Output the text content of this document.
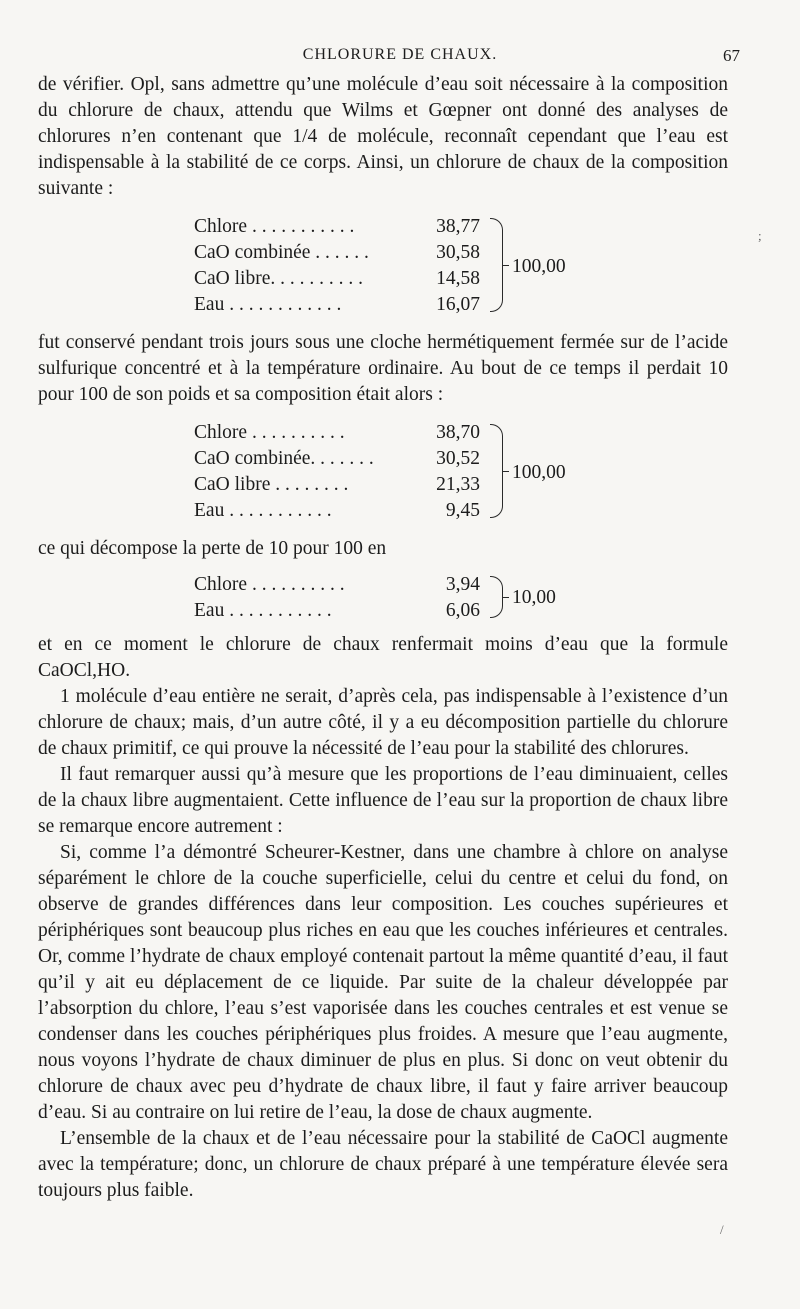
CHLORURE DE CHAUX.	67

de vérifier. Opl, sans admettre qu’une molécule d’eau soit nécessaire à la composition du chlorure de chaux, attendu que Wilms et Gœpner ont donné des analyses de chlorures n’en contenant que 1/4 de molécule, reconnaît cependant que l’eau est indispensable à la stabilité de ce corps. Ainsi, un chlorure de chaux de la composition suivante :

Chlore . . . . . . . . . . .	38,77
CaO combinée . . . . . .	30,58
CaO libre. . . . . . . . . .	14,58
Eau . . . . . . . . . . . .	16,07
100,00

fut conservé pendant trois jours sous une cloche hermétiquement fermée sur de l’acide sulfurique concentré et à la température ordinaire. Au bout de ce temps il perdait 10 pour 100 de son poids et sa composition était alors :

Chlore . . . . . . . . . .	38,70
CaO combinée. . . . . . .	30,52
CaO libre . . . . . . . .	21,33
Eau . . . . . . . . . . .	9,45
100,00

ce qui décompose la perte de 10 pour 100 en

Chlore . . . . . . . . . .	3,94
Eau . . . . . . . . . . .	6,06
10,00

et en ce moment le chlorure de chaux renfermait moins d’eau que la formule CaOCl,HO.

1 molécule d’eau entière ne serait, d’après cela, pas indispensable à l’existence d’un chlorure de chaux; mais, d’un autre côté, il y a eu décomposition partielle du chlorure de chaux primitif, ce qui prouve la nécessité de l’eau pour la stabilité des chlorures.

Il faut remarquer aussi qu’à mesure que les proportions de l’eau diminuaient, celles de la chaux libre augmentaient. Cette influence de l’eau sur la proportion de chaux libre se remarque encore autrement :

Si, comme l’a démontré Scheurer-Kestner, dans une chambre à chlore on analyse séparément le chlore de la couche superficielle, celui du centre et celui du fond, on observe de grandes différences dans leur composition. Les couches supérieures et périphériques sont beaucoup plus riches en eau que les couches inférieures et centrales. Or, comme l’hydrate de chaux employé contenait partout la même quantité d’eau, il faut qu’il y ait eu déplacement de ce liquide. Par suite de la chaleur développée par l’absorption du chlore, l’eau s’est vaporisée dans les couches centrales et est venue se condenser dans les couches périphériques plus froides. A mesure que l’eau augmente, nous voyons l’hydrate de chaux diminuer de plus en plus. Si donc on veut obtenir du chlorure de chaux avec peu d’hydrate de chaux libre, il faut y faire arriver beaucoup d’eau. Si au contraire on lui retire de l’eau, la dose de chaux augmente.

L’ensemble de la chaux et de l’eau nécessaire pour la stabilité de CaOCl augmente avec la température; donc, un chlorure de chaux préparé à une température élevée sera toujours plus faible.

;
/
